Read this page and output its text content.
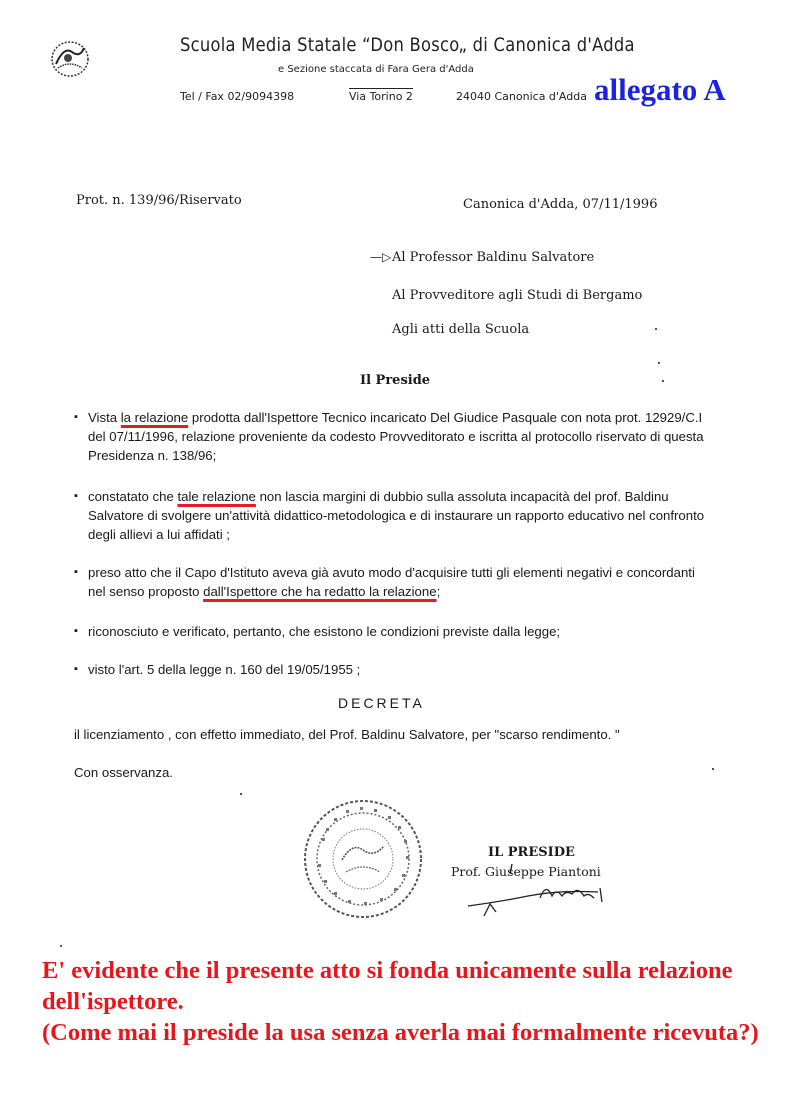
Scuola Media Statale “Don Bosco„ di Canonica d'Adda
e Sezione staccata di Fara Gera d'Adda
Tel / Fax 02/9094398	Via Torino 2	24040 Canonica d'Adda allegato A
Prot. n. 139/96/Riservato	Canonica d'Adda, 07/11/1996
—▷ Al Professor Baldinu Salvatore
Al Provveditore agli Studi di Bergamo
Agli atti della Scuola
Il Preside
▪ Vista la relazione prodotta dall'Ispettore Tecnico incaricato Del Giudice Pasquale con nota prot. 12929/C.I del 07/11/1996, relazione proveniente da codesto Provveditorato e iscritta al protocollo riservato di questa Presidenza n. 138/96;
▪ constatato che tale relazione non lascia margini di dubbio sulla assoluta incapacità del prof. Baldinu Salvatore di svolgere un'attività didattico-metodologica e di instaurare un rapporto educativo nel confronto degli allievi a lui affidati ;
▪ preso atto che il Capo d'Istituto aveva già avuto modo d'acquisire tutti gli elementi negativi e concordanti nel senso proposto dall'Ispettore che ha redatto la relazione;
▪ riconosciuto e verificato, pertanto, che esistono le condizioni previste dalla legge;
▪ visto l'art. 5 della legge n. 160 del 19/05/1955 ;
DECRETA
il licenziamento , con effetto immediato, del Prof. Baldinu Salvatore, per "scarso rendimento. "
Con osservanza.
IL PRESIDE
Prof. Giuseppe Piantoni
E' evidente che il presente atto si fonda unicamente sulla relazione dell'ispettore.
(Come mai il preside la usa senza averla mai formalmente ricevuta?)
